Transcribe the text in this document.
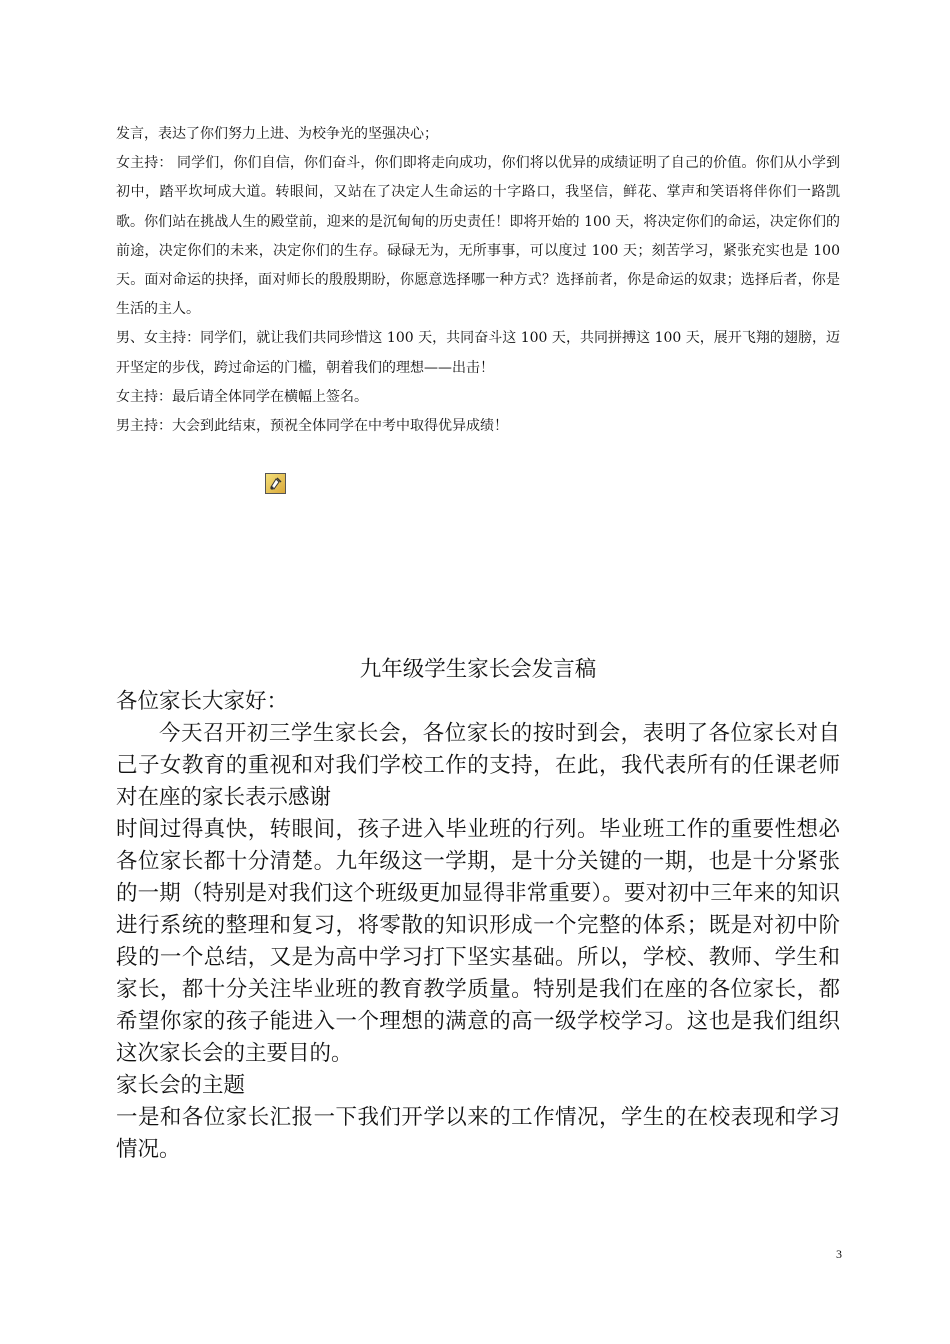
发言，表达了你们努力上进、为校争光的坚强决心；

女主持： 同学们，你们自信，你们奋斗，你们即将走向成功，你们将以优异的成绩证明了自己的价值。你们从小学到初中，踏平坎坷成大道。转眼间，又站在了决定人生命运的十字路口，我坚信，鲜花、掌声和笑语将伴你们一路凯歌。你们站在挑战人生的殿堂前，迎来的是沉甸甸的历史责任！即将开始的 100 天，将决定你们的命运，决定你们的前途，决定你们的未来，决定你们的生存。碌碌无为，无所事事，可以度过 100 天；刻苦学习，紧张充实也是 100 天。面对命运的抉择，面对师长的殷殷期盼，你愿意选择哪一种方式？选择前者，你是命运的奴隶；选择后者，你是生活的主人。

男、女主持：同学们，就让我们共同珍惜这 100 天，共同奋斗这 100 天，共同拼搏这 100 天，展开飞翔的翅膀，迈开坚定的步伐，跨过命运的门槛，朝着我们的理想——出击！

女主持：最后请全体同学在横幅上签名。

男主持：大会到此结束，预祝全体同学在中考中取得优异成绩！

九年级学生家长会发言稿

各位家长大家好：

今天召开初三学生家长会，各位家长的按时到会，表明了各位家长对自己子女教育的重视和对我们学校工作的支持，在此，我代表所有的任课老师对在座的家长表示感谢

时间过得真快，转眼间，孩子进入毕业班的行列。毕业班工作的重要性想必各位家长都十分清楚。九年级这一学期，是十分关键的一期，也是十分紧张的一期（特别是对我们这个班级更加显得非常重要）。要对初中三年来的知识进行系统的整理和复习，将零散的知识形成一个完整的体系；既是对初中阶段的一个总结，又是为高中学习打下坚实基础。所以，学校、教师、学生和家长，都十分关注毕业班的教育教学质量。特别是我们在座的各位家长，都希望你家的孩子能进入一个理想的满意的高一级学校学习。这也是我们组织这次家长会的主要目的。

家长会的主题

一是和各位家长汇报一下我们开学以来的工作情况，学生的在校表现和学习情况。

3
